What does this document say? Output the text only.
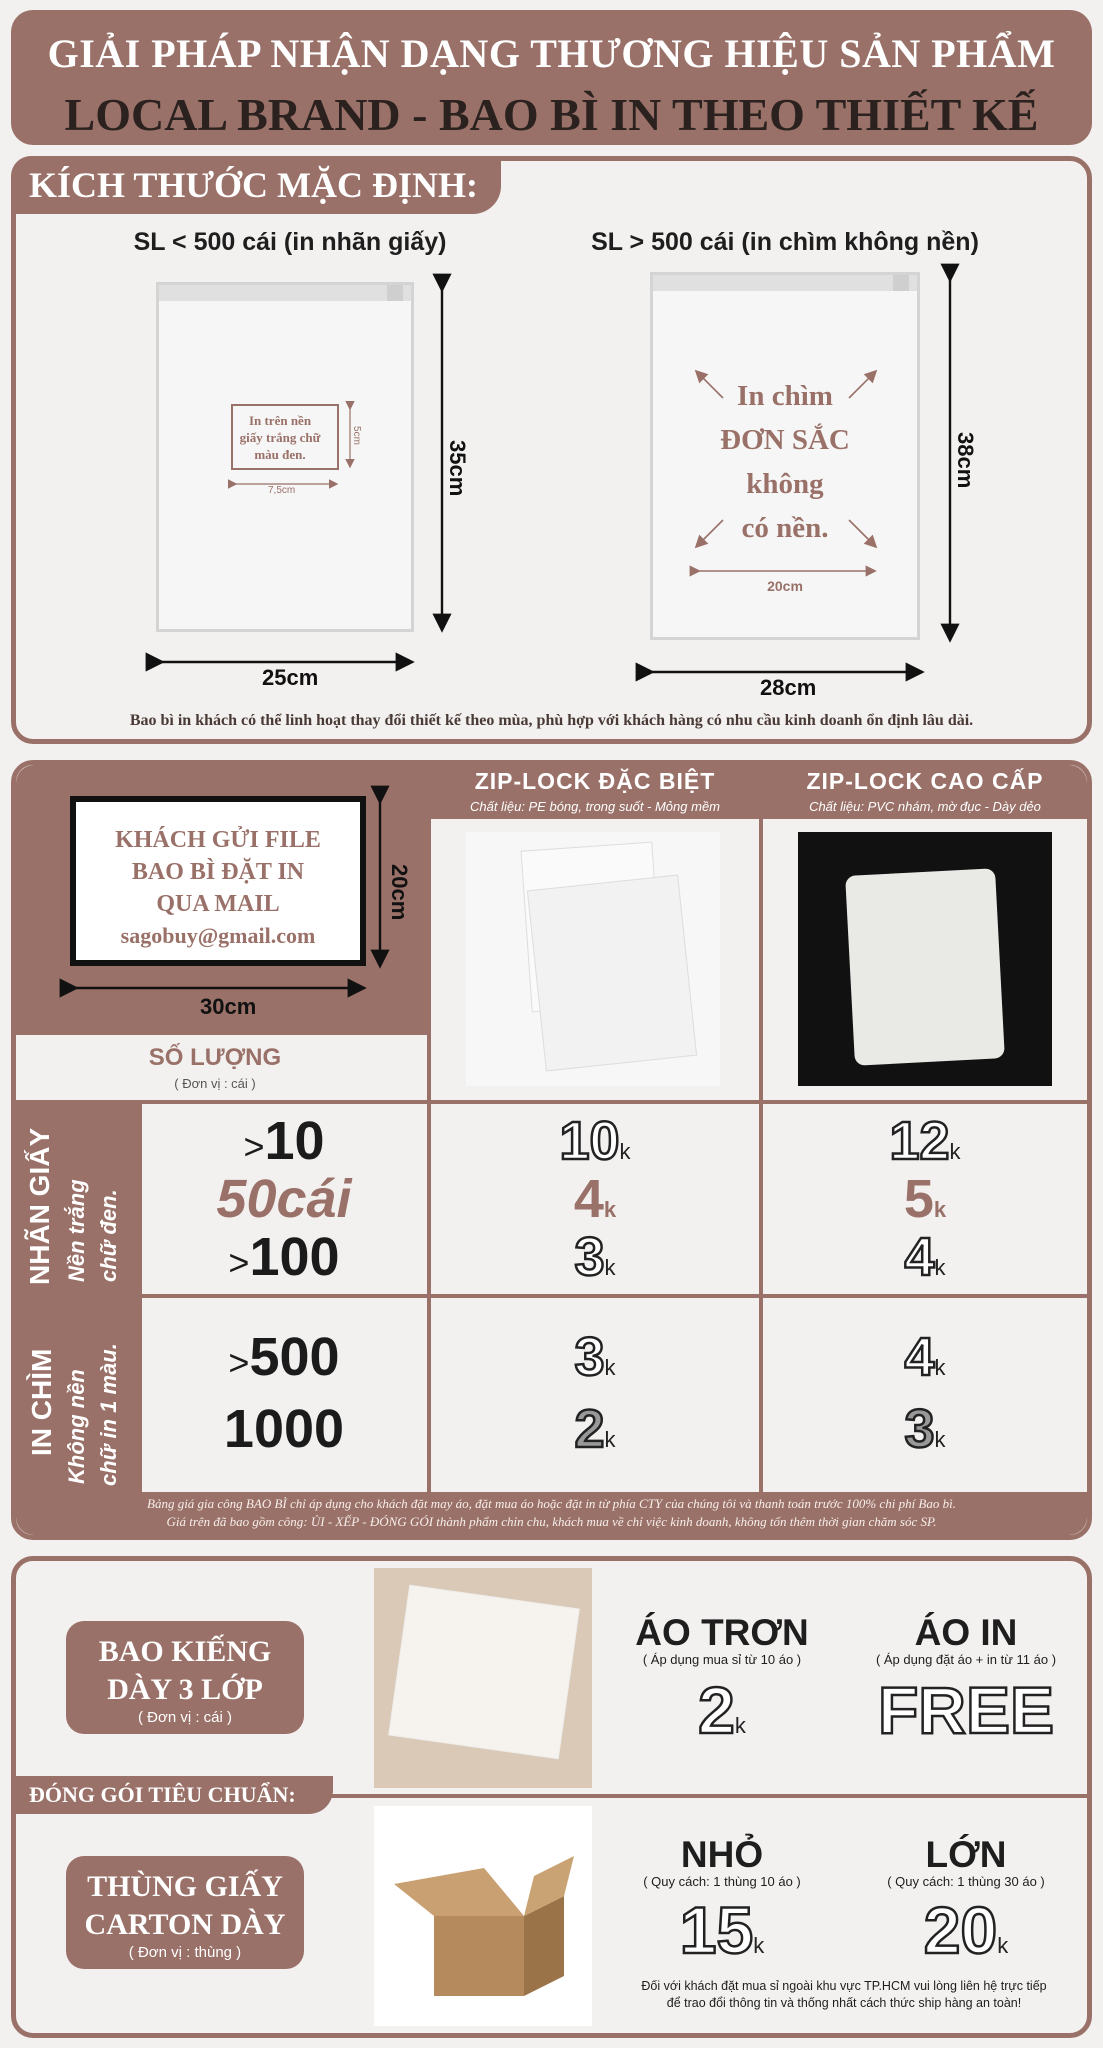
GIẢI PHÁP NHẬN DẠNG THƯƠNG HIỆU SẢN PHẨM
LOCAL BRAND - BAO BÌ IN THEO THIẾT KẾ
KÍCH THƯỚC MẶC ĐỊNH:
SL < 500 cái (in nhãn giấy)	SL > 500 cái (in chìm không nền)
In trên nền giấy trắng chữ màu đen.
5cm
7,5cm
In chìm
ĐƠN SẮC
không
có nền.
20cm
35cm
25cm
38cm
28cm
Bao bì in khách có thể linh hoạt thay đổi thiết kế theo mùa, phù hợp với khách hàng có nhu cầu kinh doanh ổn định lâu dài.
KHÁCH GỬI FILE
BAO BÌ ĐẶT IN
QUA MAIL
sagobuy@gmail.com
20cm
30cm
SỐ LƯỢNG
( Đơn vị : cái )
ZIP-LOCK ĐẶC BIỆT
Chất liệu: PE bóng, trong suốt - Mỏng mềm
ZIP-LOCK CAO CẤP
Chất liệu: PVC nhám, mờ đục - Dày dẻo
NHÃN GIẤY Nền trắng chữ đen.
>10
50cái
>100
10k
4k
3k
12k
5k
4k
IN CHÌM Không nền chữ in 1 màu.	>500
1000
3k
2k
4k
3k
Bảng giá gia công BAO BÌ chỉ áp dụng cho khách đặt may áo, đặt mua áo hoặc đặt in từ phía CTY của chúng tôi và thanh toán trước 100% chi phí Bao bì.
Giá trên đã bao gồm công: ỦI - XẾP - ĐÓNG GÓI thành phẩm chỉn chu, khách mua về chỉ việc kinh doanh, không tốn thêm thời gian chăm sóc SP.
BAO KIẾNG
DÀY 3 LỚP
( Đơn vị : cái )
ÁO TRƠN
( Áp dụng mua sỉ từ 10 áo )
2k
ÁO IN
( Áp dụng đặt áo + in từ 11 áo )
FREE
ĐÓNG GÓI TIÊU CHUẨN:
THÙNG GIẤY
CARTON DÀY
( Đơn vị : thùng )
NHỎ
( Quy cách: 1 thùng 10 áo )
15k
LỚN
( Quy cách: 1 thùng 30 áo )
20k
Đối với khách đặt mua sỉ ngoài khu vực TP.HCM vui lòng liên hệ trực tiếp
để trao đổi thông tin và thống nhất cách thức ship hàng an toàn!
